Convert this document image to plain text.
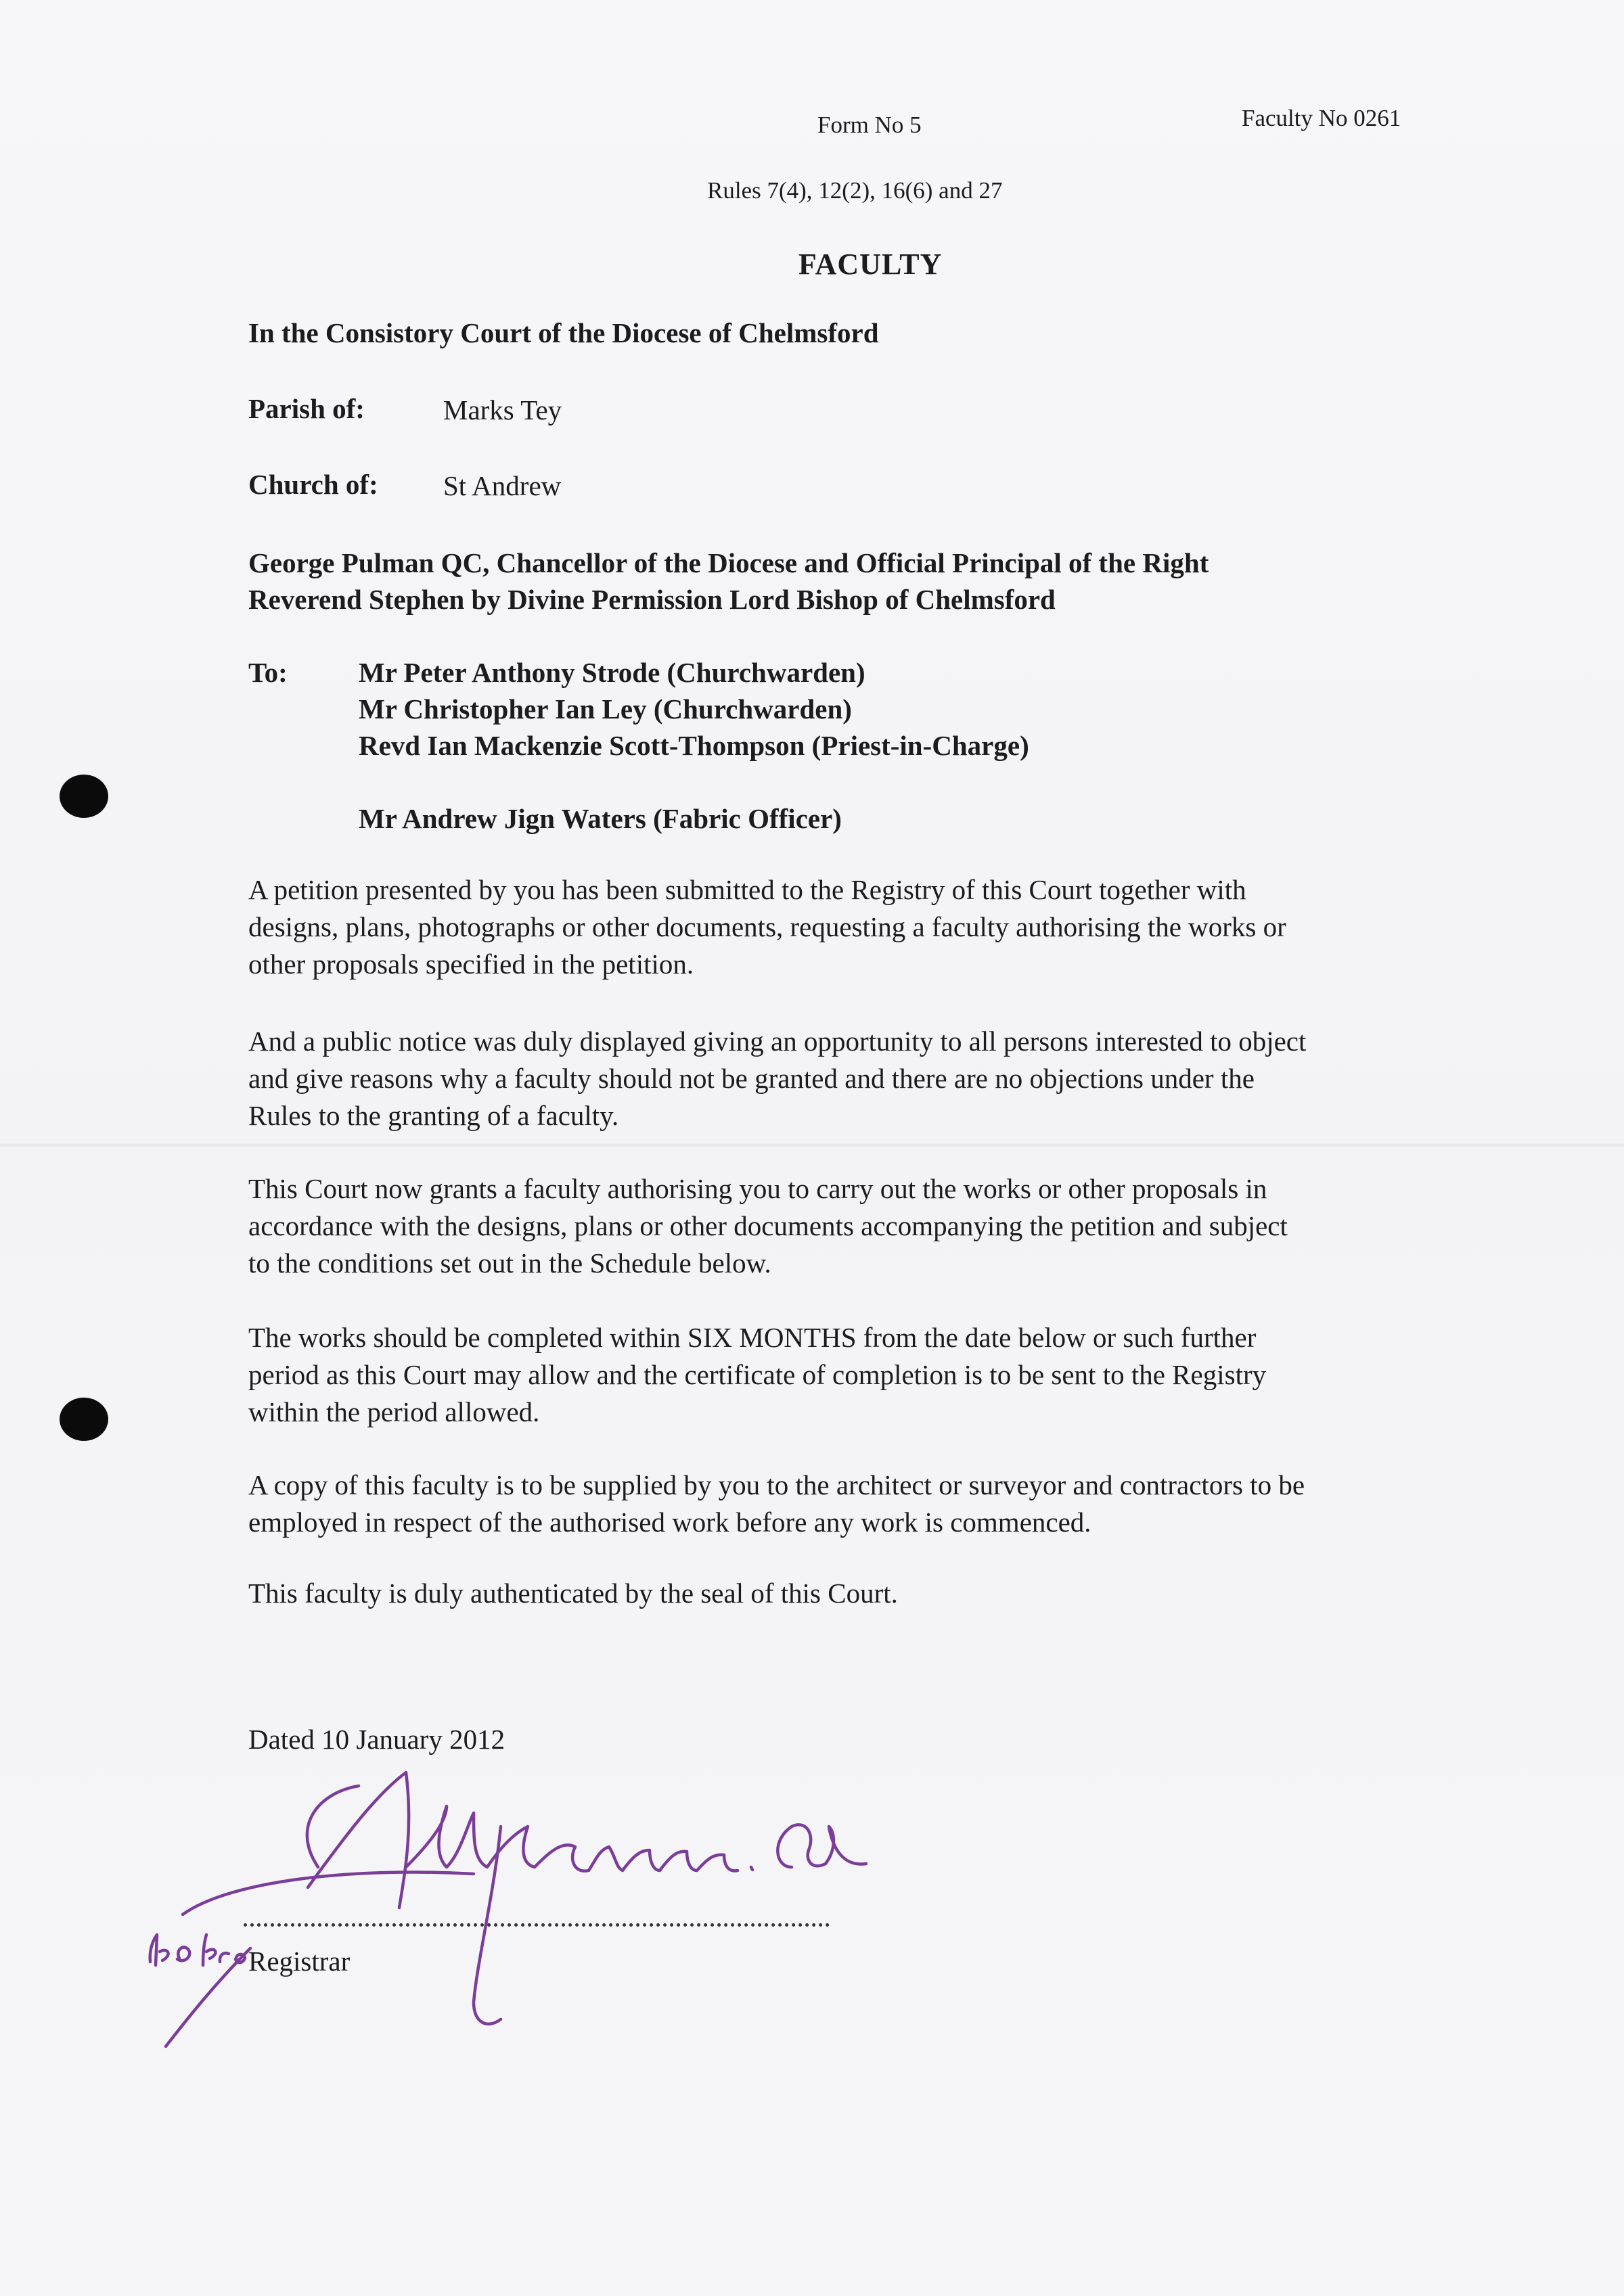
Form No 5	Faculty No 0261
Rules 7(4), 12(2), 16(6) and 27
FACULTY
In the Consistory Court of the Diocese of Chelmsford
Parish of:	Marks Tey
Church of: St Andrew
George Pulman QC, Chancellor of the Diocese and Official Principal of the Right
Reverend Stephen by Divine Permission Lord Bishop of Chelmsford
To:	Mr Peter Anthony Strode (Churchwarden)
Mr Christopher Ian Ley (Churchwarden)
Revd Ian Mackenzie Scott-Thompson (Priest-in-Charge)
Mr Andrew Jign Waters (Fabric Officer)
A petition presented by you has been submitted to the Registry of this Court together with
designs, plans, photographs or other documents, requesting a faculty authorising the works or
other proposals specified in the petition.
And a public notice was duly displayed giving an opportunity to all persons interested to object
and give reasons why a faculty should not be granted and there are no objections under the
Rules to the granting of a faculty.
This Court now grants a faculty authorising you to carry out the works or other proposals in
accordance with the designs, plans or other documents accompanying the petition and subject
to the conditions set out in the Schedule below.
The works should be completed within SIX MONTHS from the date below or such further
period as this Court may allow and the certificate of completion is to be sent to the Registry
within the period allowed.
A copy of this faculty is to be supplied by you to the architect or surveyor and contractors to be
employed in respect of the authorised work before any work is commenced.
This faculty is duly authenticated by the seal of this Court.
Dated 10 January 2012
Registrar
